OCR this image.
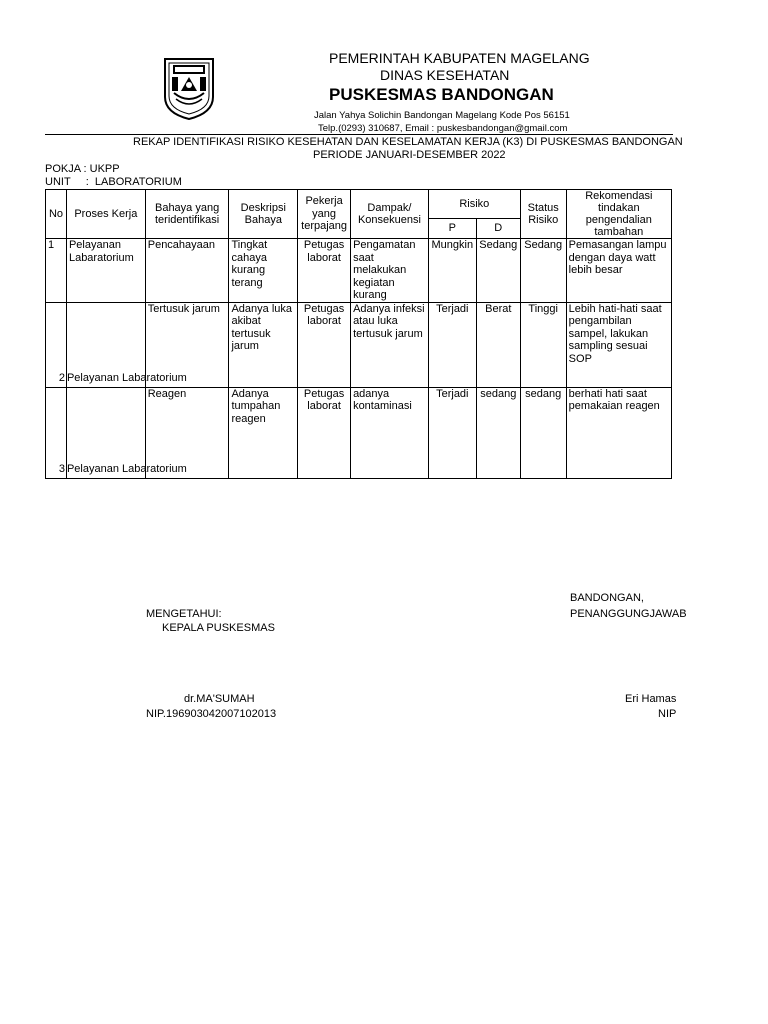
PEMERINTAH KABUPATEN MAGELANG
DINAS KESEHATAN
PUSKESMAS BANDONGAN
Jalan Yahya Solichin Bandongan Magelang Kode Pos 56151
Telp.(0293) 310687, Email : puskesbandongan@gmail.com
REKAP IDENTIFIKASI RISIKO KESEHATAN DAN KESELAMATAN KERJA (K3) DI PUSKESMAS BANDONGAN
PERIODE JANUARI-DESEMBER 2022
POKJA : UKPP
UNIT     :  LABORATORIUM
No	Proses Kerja	Bahaya yang teridentifikasi	Deskripsi Bahaya	Pekerja yang terpajang	Dampak/ Konsekuensi	Risiko		Status Risiko	Rekomendasi tindakan pengendalian tambahan
						P	D		
1	Pelayanan Labaratorium	Pencahayaan	Tingkat cahaya kurang terang	Petugas laborat	Pengamatan saat melakukan kegiatan kurang	Mungkin	Sedang	Sedang	Pemasangan lampu dengan daya watt lebih besar

2	Pelayanan Labaratorium	Tertusuk jarum	Adanya luka akibat tertusuk jarum	Petugas laborat	Adanya infeksi atau luka tertusuk jarum	Terjadi	Berat	Tinggi	Lebih hati-hati saat pengambilan sampel, lakukan sampling sesuai SOP

3	Pelayanan Labaratorium	Reagen	Adanya tumpahan reagen	Petugas laborat	adanya kontaminasi	Terjadi	sedang	sedang	berhati hati saat pemakaian reagen
MENGETAHUI:
KEPALA PUSKESMAS
dr.MA'SUMAH
NIP.196903042007102013
BANDONGAN,
PENANGGUNGJAWAB
Eri Hamas
NIP
